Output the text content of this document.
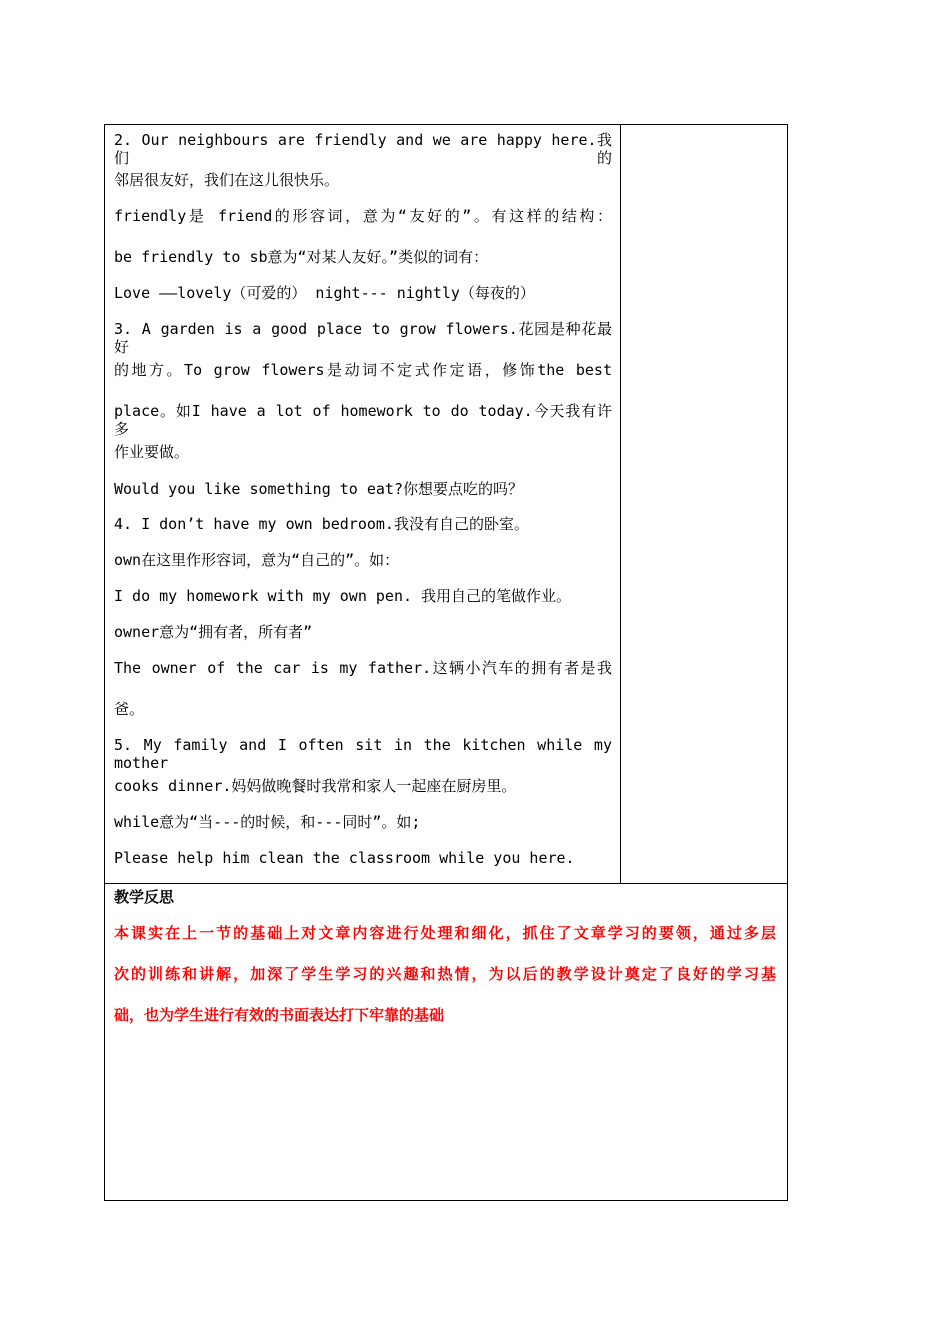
2. Our neighbours are friendly and we are happy here.我们的
邻居很友好，我们在这儿很快乐。
friendly是 friend的形容词，意为“友好的”。有这样的结构：
be friendly to sb意为“对某人友好。”类似的词有：
Love ——lovely（可爱的） night--- nightly（每夜的）
3. A garden is a good place to grow flowers.花园是种花最好
的地方。To grow flowers是动词不定式作定语，修饰the best
place。如I have a lot of homework to do today.今天我有许多
作业要做。
Would you like something to eat?你想要点吃的吗？
4. I don’t have my own bedroom.我没有自己的卧室。
own在这里作形容词，意为“自己的”。如：
I do my homework with my own pen. 我用自己的笔做作业。
owner意为“拥有者，所有者”
The owner of the car is my father.这辆小汽车的拥有者是我
爸。
5. My family and I often sit in the kitchen while my mother
cooks dinner.妈妈做晚餐时我常和家人一起座在厨房里。
while意为“当---的时候，和---同时”。如;
Please help him clean the classroom while you here.
教学反思
本课实在上一节的基础上对文章内容进行处理和细化，抓住了文章学习的要领，通过多层
次的训练和讲解，加深了学生学习的兴趣和热情，为以后的教学设计奠定了良好的学习基
础，也为学生进行有效的书面表达打下牢靠的基础
